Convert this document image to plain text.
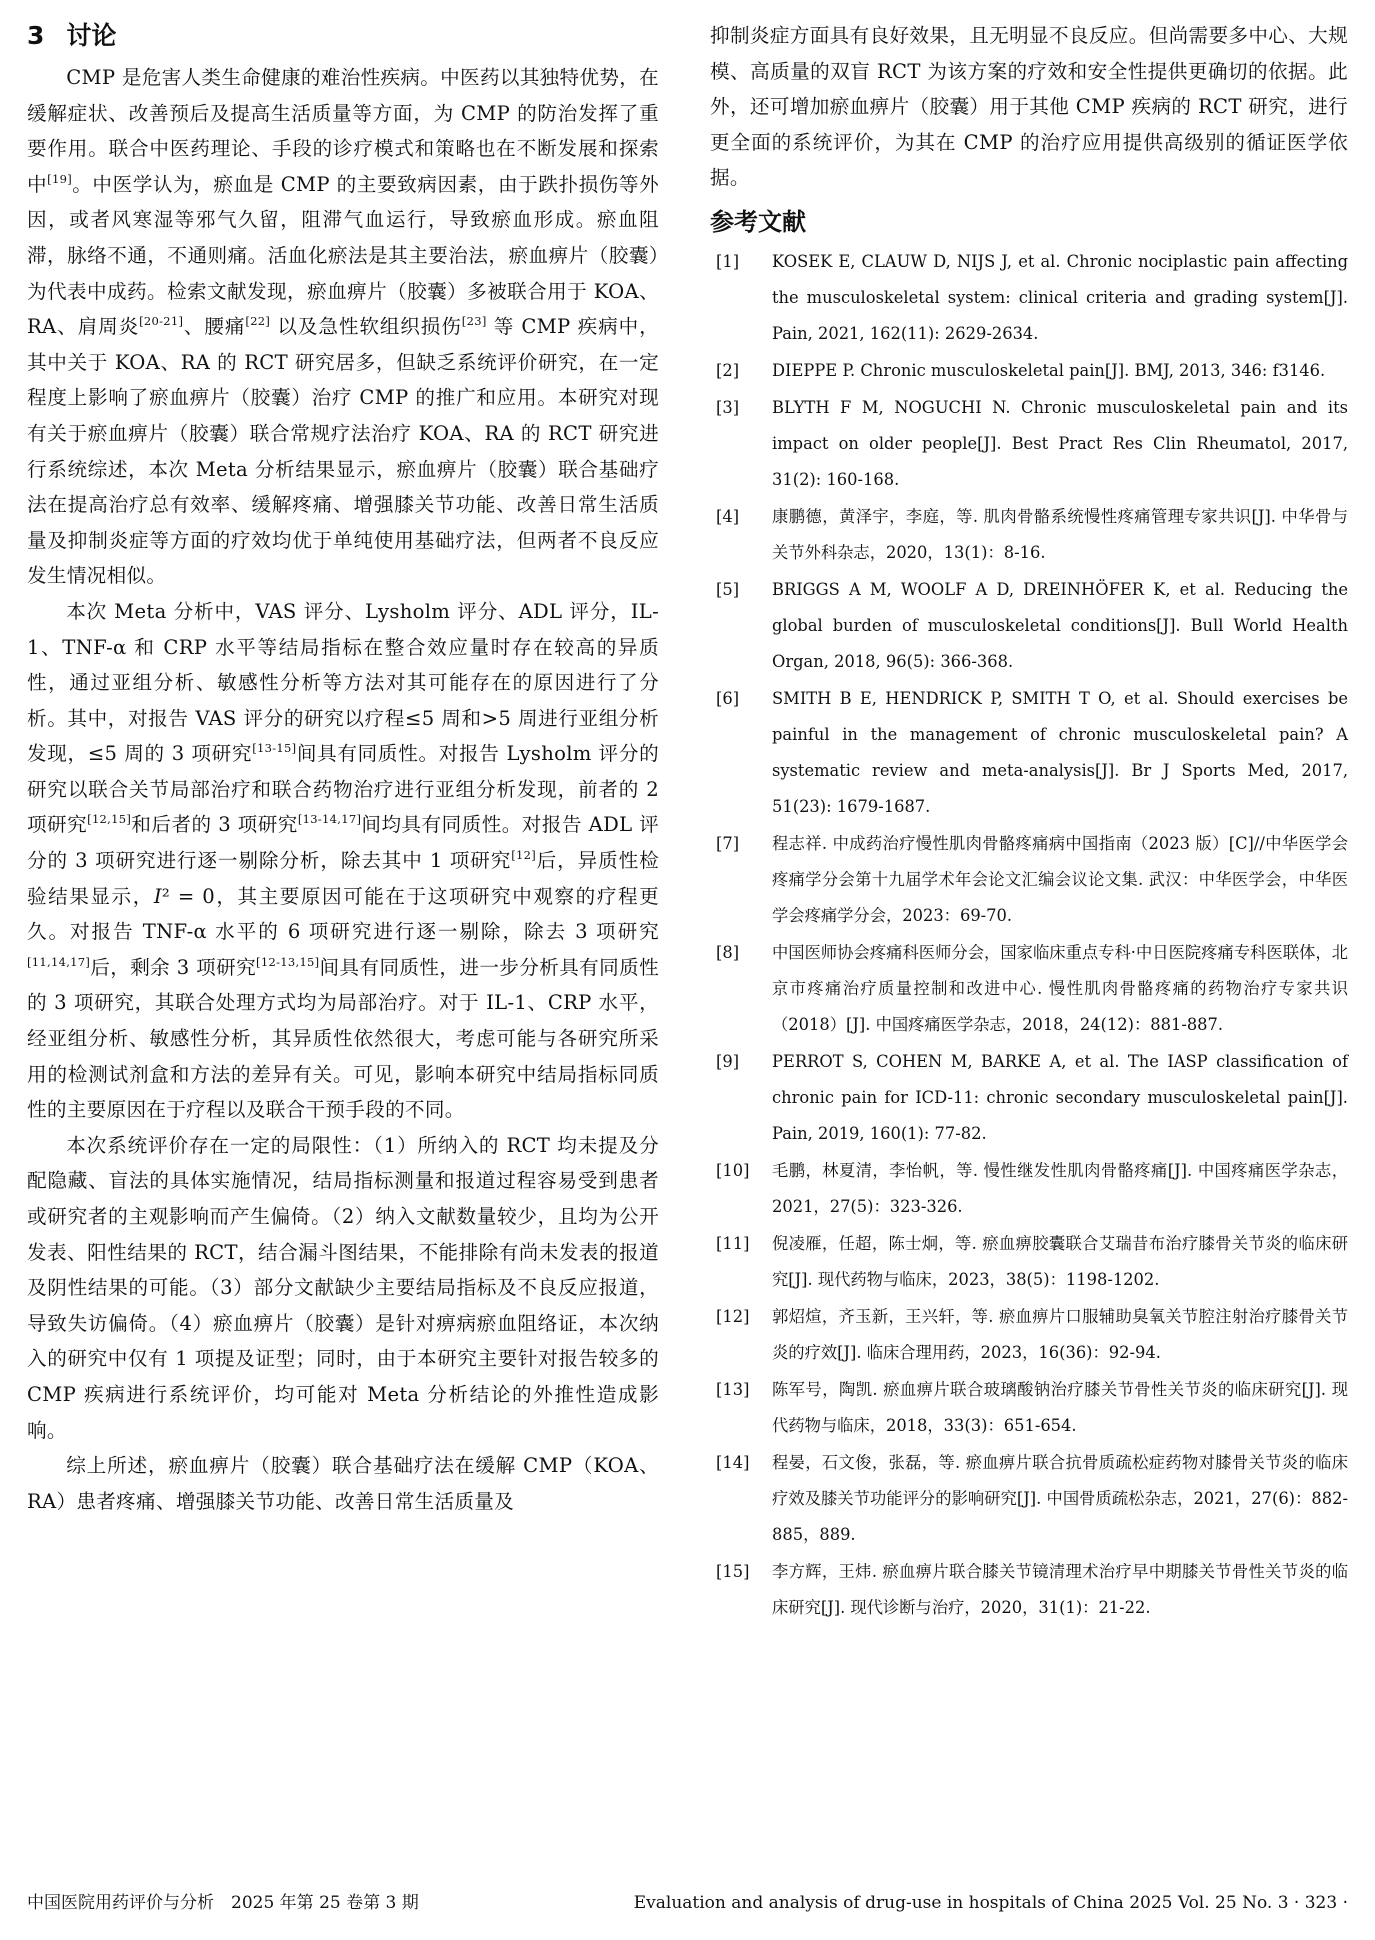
3 讨论

CMP 是危害人类生命健康的难治性疾病。中医药以其独特优势，在缓解症状、改善预后及提高生活质量等方面，为 CMP 的防治发挥了重要作用。联合中医药理论、手段的诊疗模式和策略也在不断发展和探索中[19]。中医学认为，瘀血是 CMP 的主要致病因素，由于跌扑损伤等外因，或者风寒湿等邪气久留，阻滞气血运行，导致瘀血形成。瘀血阻滞，脉络不通，不通则痛。活血化瘀法是其主要治法，瘀血痹片（胶囊）为代表中成药。检索文献发现，瘀血痹片（胶囊）多被联合用于 KOA、RA、肩周炎[20-21]、腰痛[22] 以及急性软组织损伤[23] 等 CMP 疾病中，其中关于 KOA、RA 的 RCT 研究居多，但缺乏系统评价研究，在一定程度上影响了瘀血痹片（胶囊）治疗 CMP 的推广和应用。本研究对现有关于瘀血痹片（胶囊）联合常规疗法治疗 KOA、RA 的 RCT 研究进行系统综述，本次 Meta 分析结果显示，瘀血痹片（胶囊）联合基础疗法在提高治疗总有效率、缓解疼痛、增强膝关节功能、改善日常生活质量及抑制炎症等方面的疗效均优于单纯使用基础疗法，但两者不良反应发生情况相似。

本次 Meta 分析中，VAS 评分、Lysholm 评分、ADL 评分，IL-1、TNF-α 和 CRP 水平等结局指标在整合效应量时存在较高的异质性，通过亚组分析、敏感性分析等方法对其可能存在的原因进行了分析。其中，对报告 VAS 评分的研究以疗程≤5 周和>5 周进行亚组分析发现，≤5 周的 3 项研究[13-15]间具有同质性。对报告 Lysholm 评分的研究以联合关节局部治疗和联合药物治疗进行亚组分析发现，前者的 2 项研究[12,15]和后者的 3 项研究[13-14,17]间均具有同质性。对报告 ADL 评分的 3 项研究进行逐一剔除分析，除去其中 1 项研究[12]后，异质性检验结果显示，I² = 0，其主要原因可能在于这项研究中观察的疗程更久。对报告 TNF-α 水平的 6 项研究进行逐一剔除，除去 3 项研究[11,14,17]后，剩余 3 项研究[12-13,15]间具有同质性，进一步分析具有同质性的 3 项研究，其联合处理方式均为局部治疗。对于 IL-1、CRP 水平，经亚组分析、敏感性分析，其异质性依然很大，考虑可能与各研究所采用的检测试剂盒和方法的差异有关。可见，影响本研究中结局指标同质性的主要原因在于疗程以及联合干预手段的不同。

本次系统评价存在一定的局限性：（1）所纳入的 RCT 均未提及分配隐藏、盲法的具体实施情况，结局指标测量和报道过程容易受到患者或研究者的主观影响而产生偏倚。（2）纳入文献数量较少，且均为公开发表、阳性结果的 RCT，结合漏斗图结果，不能排除有尚未发表的报道及阴性结果的可能。（3）部分文献缺少主要结局指标及不良反应报道，导致失访偏倚。（4）瘀血痹片（胶囊）是针对痹病瘀血阻络证，本次纳入的研究中仅有 1 项提及证型；同时，由于本研究主要针对报告较多的 CMP 疾病进行系统评价，均可能对 Meta 分析结论的外推性造成影响。

综上所述，瘀血痹片（胶囊）联合基础疗法在缓解 CMP（KOA、RA）患者疼痛、增强膝关节功能、改善日常生活质量及

抑制炎症方面具有良好效果，且无明显不良反应。但尚需要多中心、大规模、高质量的双盲 RCT 为该方案的疗效和安全性提供更确切的依据。此外，还可增加瘀血痹片（胶囊）用于其他 CMP 疾病的 RCT 研究，进行更全面的系统评价，为其在 CMP 的治疗应用提供高级别的循证医学依据。

参考文献
[1]	KOSEK E, CLAUW D, NIJS J, et al. Chronic nociplastic pain affecting the musculoskeletal system: clinical criteria and grading system[J]. Pain, 2021, 162(11): 2629-2634.
[2]	DIEPPE P. Chronic musculoskeletal pain[J]. BMJ, 2013, 346: f3146.
[3]	BLYTH F M, NOGUCHI N. Chronic musculoskeletal pain and its impact on older people[J]. Best Pract Res Clin Rheumatol, 2017, 31(2): 160-168.
[4]	康鹏德，黄泽宇，李庭，等. 肌肉骨骼系统慢性疼痛管理专家共识[J]. 中华骨与关节外科杂志，2020，13(1)：8-16.
[5]	BRIGGS A M, WOOLF A D, DREINHÖFER K, et al. Reducing the global burden of musculoskeletal conditions[J]. Bull World Health Organ, 2018, 96(5): 366-368.
[6]	SMITH B E, HENDRICK P, SMITH T O, et al. Should exercises be painful in the management of chronic musculoskeletal pain? A systematic review and meta-analysis[J]. Br J Sports Med, 2017, 51(23): 1679-1687.
[7]	程志祥. 中成药治疗慢性肌肉骨骼疼痛病中国指南（2023 版）[C]//中华医学会疼痛学分会第十九届学术年会论文汇编会议论文集. 武汉：中华医学会，中华医学会疼痛学分会，2023：69-70.
[8]	中国医师协会疼痛科医师分会，国家临床重点专科·中日医院疼痛专科医联体，北京市疼痛治疗质量控制和改进中心. 慢性肌肉骨骼疼痛的药物治疗专家共识（2018）[J]. 中国疼痛医学杂志，2018，24(12)：881-887.
[9]	PERROT S, COHEN M, BARKE A, et al. The IASP classification of chronic pain for ICD-11: chronic secondary musculoskeletal pain[J]. Pain, 2019, 160(1): 77-82.
[10]	毛鹏，林夏清，李怡帆，等. 慢性继发性肌肉骨骼疼痛[J]. 中国疼痛医学杂志，2021，27(5)：323-326.
[11]	倪凌雁，任超，陈士炯，等. 瘀血痹胶囊联合艾瑞昔布治疗膝骨关节炎的临床研究[J]. 现代药物与临床，2023，38(5)：1198-1202.
[12]	郭炤煊，齐玉新，王兴轩，等. 瘀血痹片口服辅助臭氧关节腔注射治疗膝骨关节炎的疗效[J]. 临床合理用药，2023，16(36)：92-94.
[13]	陈军号，陶凯. 瘀血痹片联合玻璃酸钠治疗膝关节骨性关节炎的临床研究[J]. 现代药物与临床，2018，33(3)：651-654.
[14]	程晏，石文俊，张磊，等. 瘀血痹片联合抗骨质疏松症药物对膝骨关节炎的临床疗效及膝关节功能评分的影响研究[J]. 中国骨质疏松杂志，2021，27(6)：882-885，889.
[15]	李方辉，王炜. 瘀血痹片联合膝关节镜清理术治疗早中期膝关节骨性关节炎的临床研究[J]. 现代诊断与治疗，2020，31(1)：21-22.
中国医院用药评价与分析　2025 年第 25 卷第 3 期	Evaluation and analysis of drug-use in hospitals of China 2025 Vol. 25 No. 3 · 323 ·
